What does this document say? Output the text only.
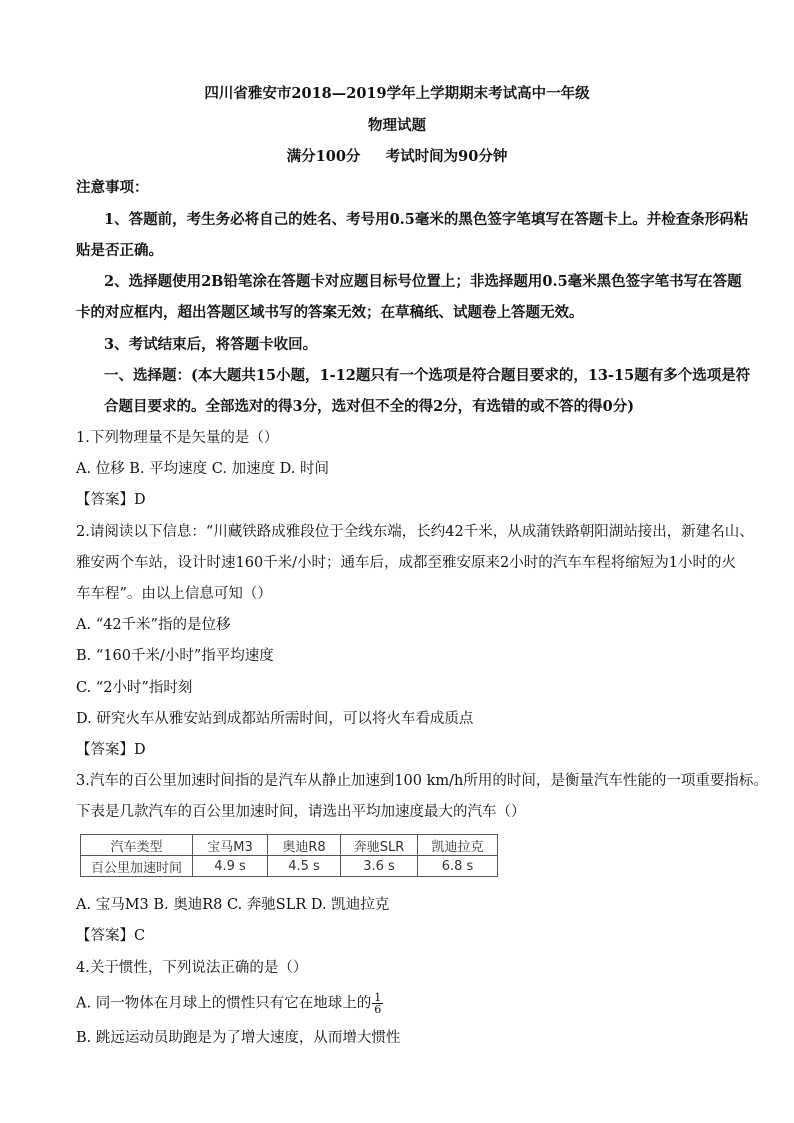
四川省雅安市2018—2019学年上学期期末考试高中一年级
物理试题
满分100分 考试时间为90分钟
注意事项：
1、答题前，考生务必将自己的姓名、考号用0.5毫米的黑色签字笔填写在答题卡上。并检查条形码粘
贴是否正确。
2、选择题使用2B铅笔涂在答题卡对应题目标号位置上；非选择题用0.5毫米黑色签字笔书写在答题
卡的对应框内，超出答题区域书写的答案无效；在草稿纸、试题卷上答题无效。
3、考试结束后，将答题卡收回。
一、选择题：(本大题共15小题，1-12题只有一个选项是符合题目要求的，13-15题有多个选项是符
合题目要求的。全部选对的得3分，选对但不全的得2分，有选错的或不答的得0分)
1.下列物理量不是矢量的是（）
A. 位移 B. 平均速度 C. 加速度 D. 时间
【答案】D
2.请阅读以下信息：“川藏铁路成雅段位于全线东端，长约42千米，从成蒲铁路朝阳湖站接出，新建名山、
雅安两个车站，设计时速160千米/小时；通车后，成都至雅安原来2小时的汽车车程将缩短为1小时的火
车车程”。由以上信息可知（）
A. “42千米”指的是位移
B. “160千米/小时”指平均速度
C. “2小时”指时刻
D. 研究火车从雅安站到成都站所需时间，可以将火车看成质点
【答案】D
3.汽车的百公里加速时间指的是汽车从静止加速到100 km/h所用的时间，是衡量汽车性能的一项重要指标。
下表是几款汽车的百公里加速时间，请选出平均加速度最大的汽车（）
汽车类型	宝马M3	奥迪R8	奔驰SLR	凯迪拉克
百公里加速时间	4.9 s	4.5 s	3.6 s	6.8 s
A. 宝马M3 B. 奥迪R8 C. 奔驰SLR D. 凯迪拉克
【答案】C
4.关于惯性，下列说法正确的是（）
A. 同一物体在月球上的惯性只有它在地球上的 $\frac{1}{6}$
B. 跳远运动员助跑是为了增大速度，从而增大惯性
